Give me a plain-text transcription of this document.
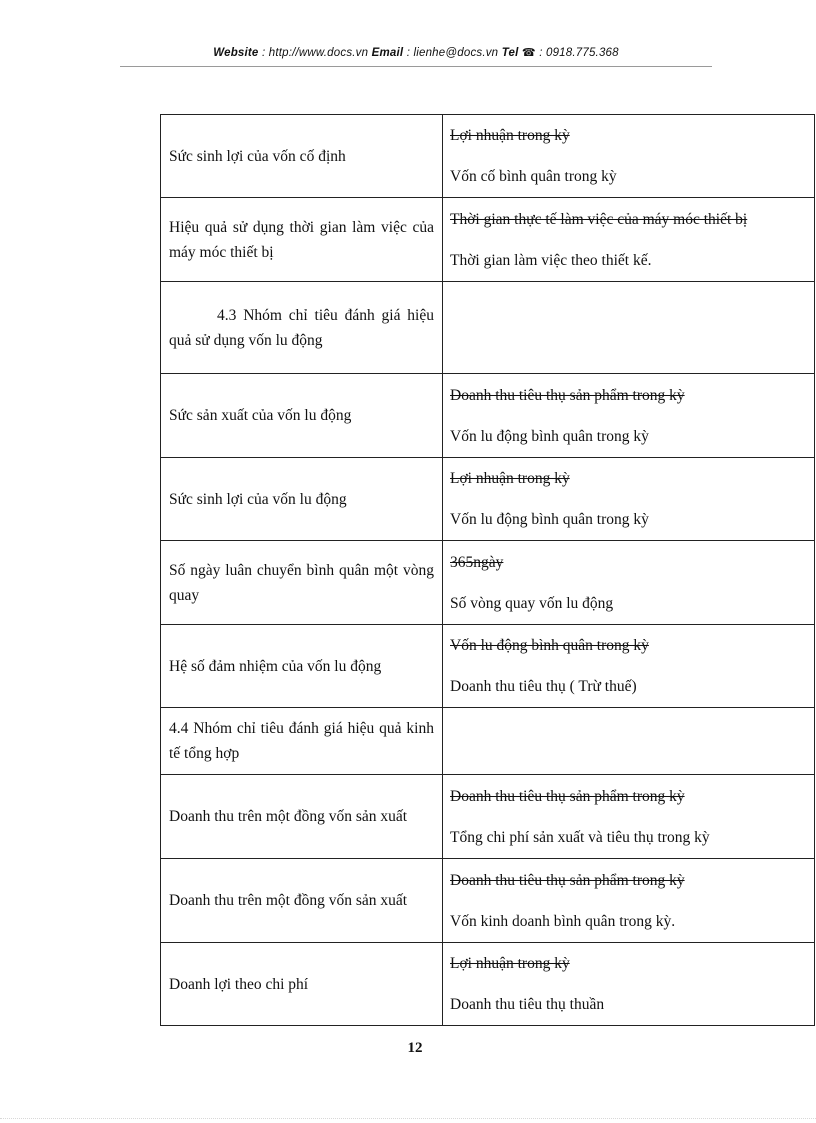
Website : http://www.docs.vn Email : lienhe@docs.vn Tel ☎ : 0918.775.368
Sức sinh lợi của vốn cố định	Lợi nhuận trong kỳ
Vốn cố bình quân trong kỳ

Hiệu quả sử dụng thời gian làm việc của máy móc thiết bị	Thời gian thực tế làm việc của máy móc thiết bị
Thời gian làm việc theo thiết kế.

4.3 Nhóm chỉ tiêu đánh giá hiệu quả sử dụng vốn lu động	
Sức sản xuất của vốn lu động	Doanh thu tiêu thụ sản phẩm trong kỳ
Vốn lu động bình quân trong kỳ

Sức sinh lợi của vốn lu động	Lợi nhuận trong kỳ
Vốn lu động bình quân trong kỳ

Số ngày luân chuyển bình quân một vòng quay	365ngày
Số vòng quay vốn lu động

Hệ số đảm nhiệm của vốn lu động	Vốn lu động bình quân trong kỳ
Doanh thu tiêu thụ ( Trừ thuế)

4.4 Nhóm chỉ tiêu đánh giá hiệu quả kinh tế tổng hợp	
Doanh thu trên một đồng vốn sản xuất	Doanh thu tiêu thụ sản phẩm trong kỳ
Tổng chi phí sản xuất và tiêu thụ trong kỳ

Doanh thu trên một đồng vốn sản xuất	Doanh thu tiêu thụ sản phẩm trong kỳ
Vốn kinh doanh bình quân trong kỳ.

Doanh lợi theo chi phí	Lợi nhuận trong kỳ
Doanh thu tiêu thụ thuần
12
